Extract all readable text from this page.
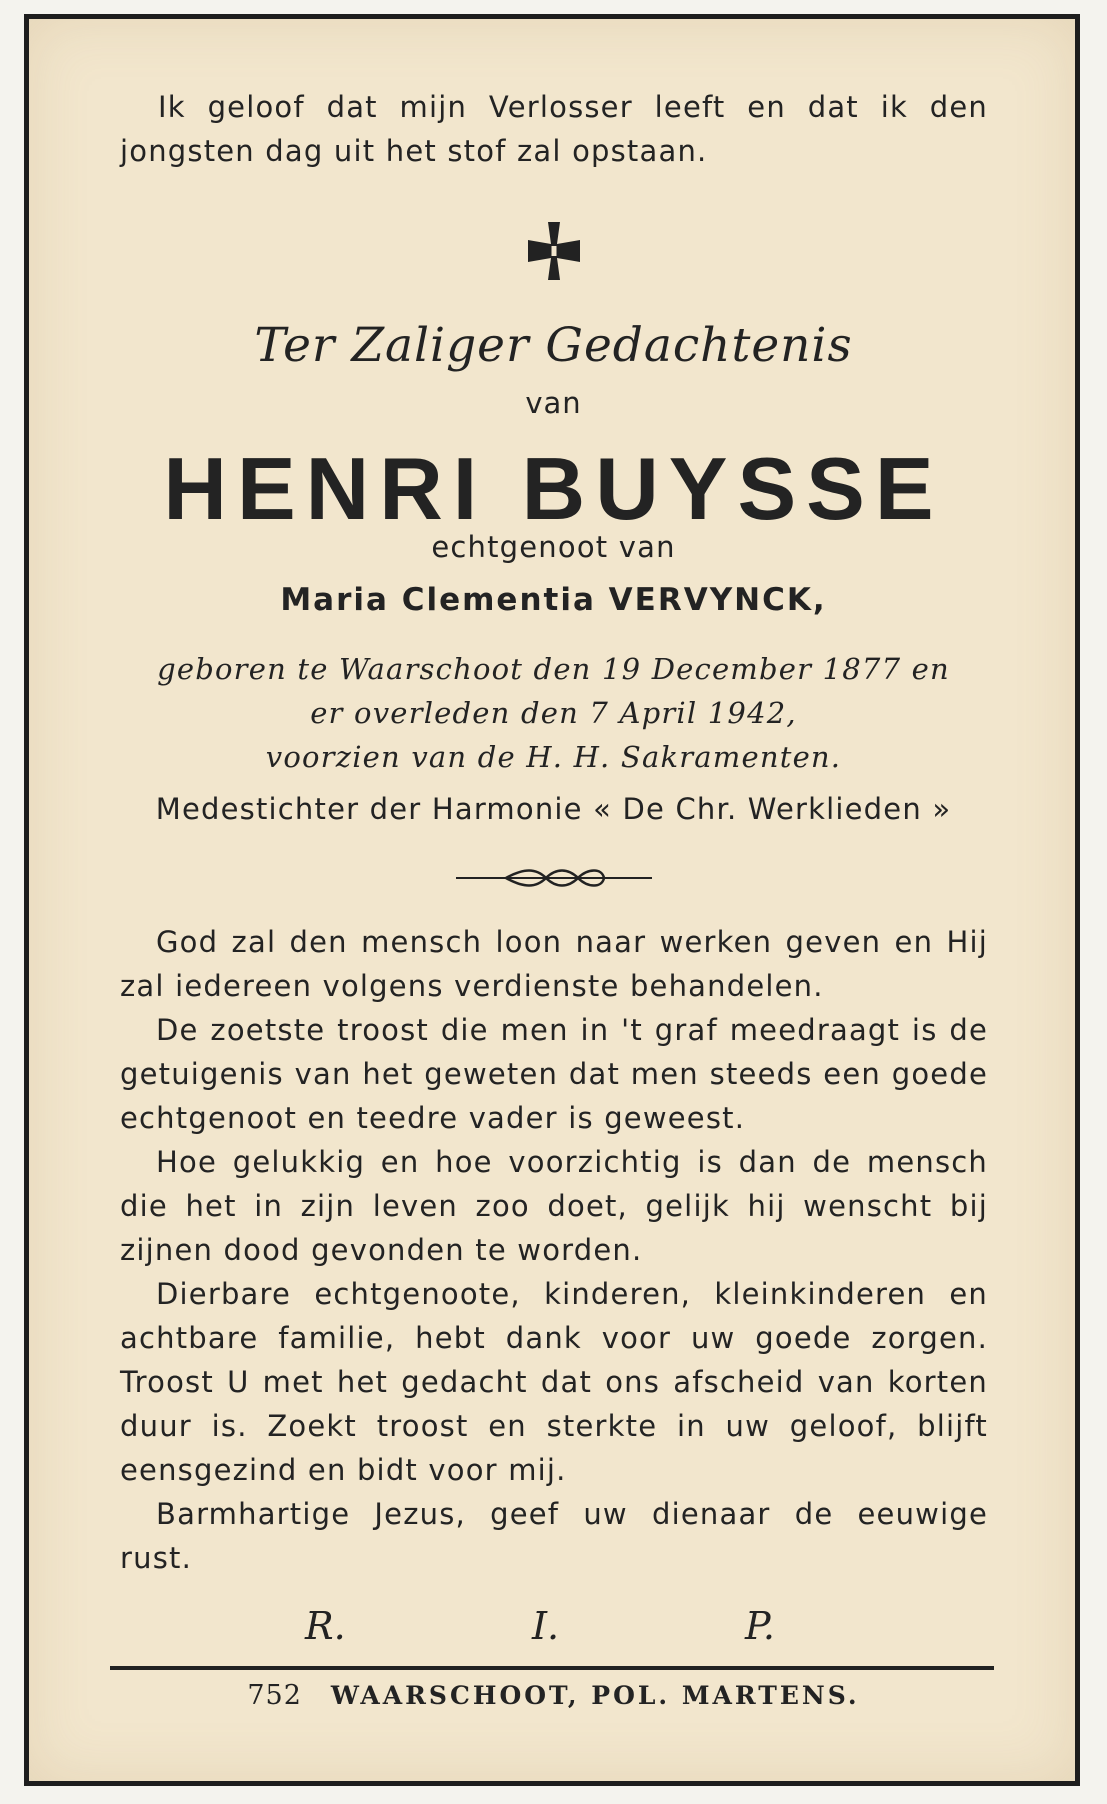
Ik geloof dat mijn Verlosser leeft en dat ik den jongsten dag uit het stof zal opstaan.

Ter Zaliger Gedachtenis

van

HENRI BUYSSE

echtgenoot van

Maria Clementia VERVYNCK,

geboren te Waarschoot den 19 December 1877 en
er overleden den 7 April 1942,
voorzien van de H. H. Sakramenten.

Medestichter der Harmonie « De Chr. Werklieden »

God zal den mensch loon naar werken geven en Hij zal iedereen volgens verdienste behandelen.
De zoetste troost die men in 't graf meedraagt is de getuigenis van het geweten dat men steeds een goede echtgenoot en teedre vader is geweest.
Hoe gelukkig en hoe voorzichtig is dan de mensch die het in zijn leven zoo doet, gelijk hij wenscht bij zijnen dood gevonden te worden.
Dierbare echtgenoote, kinderen, kleinkinderen en achtbare familie, hebt dank voor uw goede zorgen. Troost U met het gedacht dat ons afscheid van korten duur is. Zoekt troost en sterkte in uw geloof, blijft eensgezind en bidt voor mij.
Barmhartige Jezus, geef uw dienaar de eeuwige rust.
R.	I.	P.
752 WAARSCHOOT, POL. MARTENS.
